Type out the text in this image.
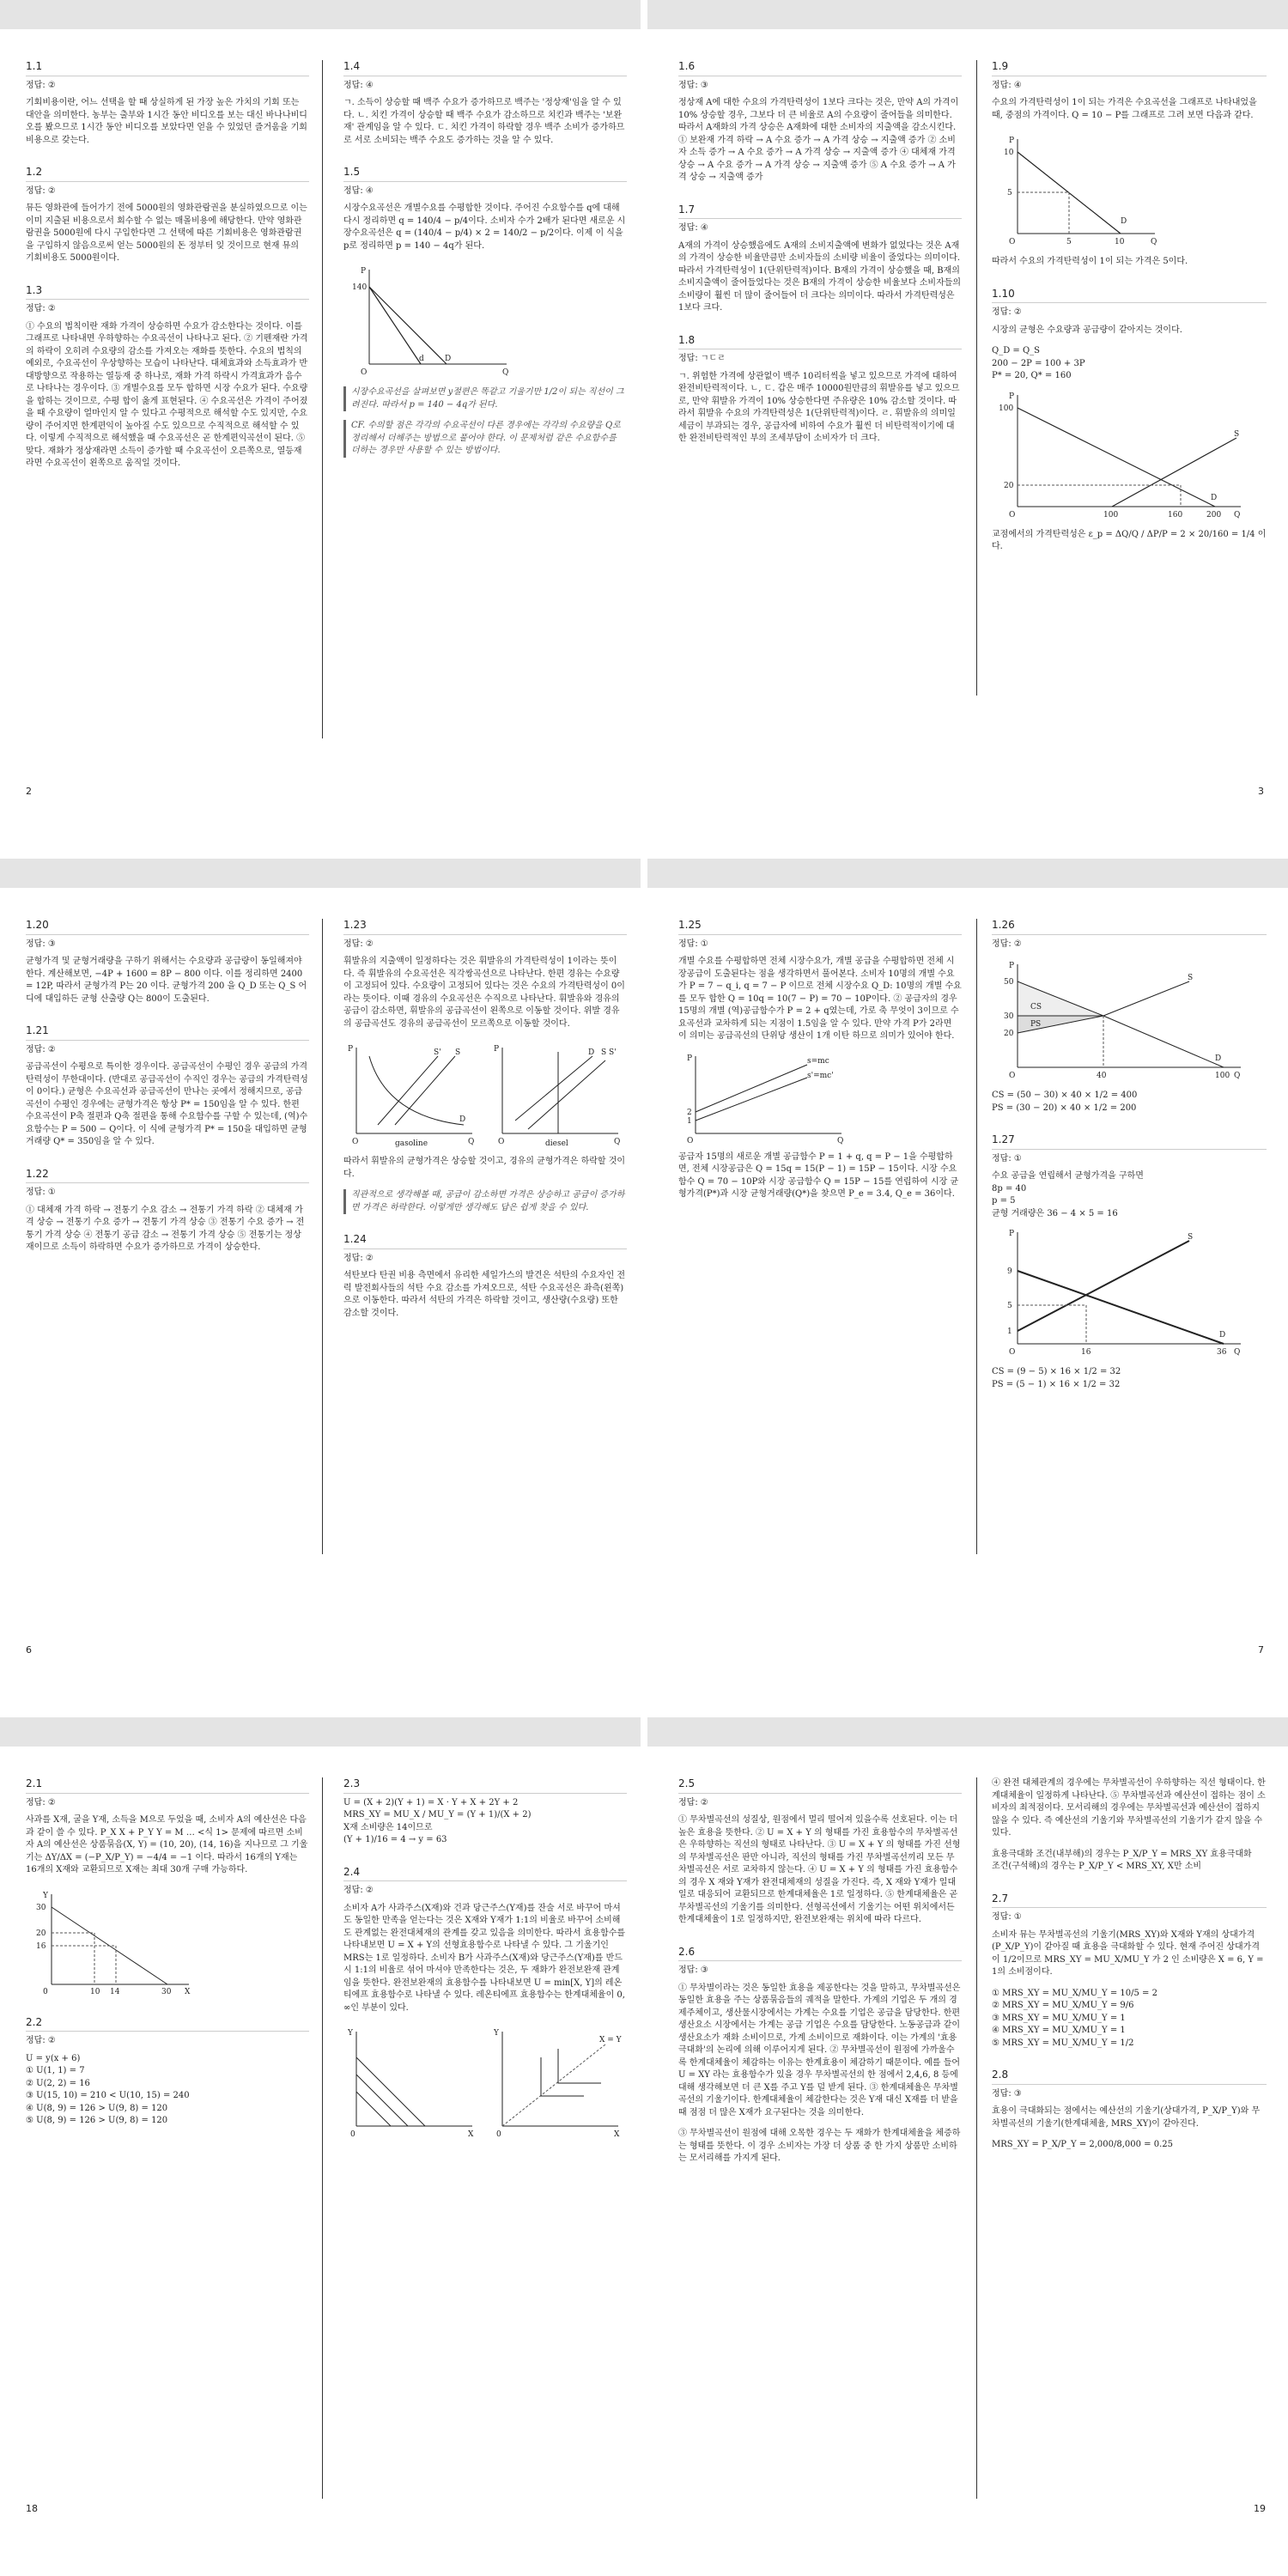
1.1
정답: ②
기회비용이란, 어느 선택을 할 때 상실하게 된 가장 높은 가치의 기회 또는 대안을 의미한다. 농부는 출부와 1시간 동안 비디오를 보는 대신 바나나비디오를 봤으므로 1시간 동안 비디오를 보았다면 얻을 수 있었던 즐거움을 기회비용으로 갖는다.
1.2
정답: ②
뮤든 영화관에 들어가기 전에 5000원의 영화관람권을 분실하였으므로 이는 이미 지출된 비용으로서 회수할 수 없는 매몰비용에 해당한다. 만약 영화관람권을 5000원에 다시 구입한다면 그 선택에 따른 기회비용은 영화관람권을 구입하지 않음으로써 얻는 5000원의 돈 정부터 잊 것이므로 현재 뮤의 기회비용도 5000원이다.
1.3
정답: ②
① 수요의 법칙이란 재화 가격이 상승하면 수요가 감소한다는 것이다. 이를 그래프로 나타내면 우하향하는 수요곡선이 나타나고 된다. ② 기펜재란 가격의 하락이 오히려 수요량의 감소를 가져오는 재화를 뜻한다. 수요의 법칙의 예외로, 수요곡선이 우상향하는 모습이 나타난다. 대체효과와 소득효과가 반대방향으로 작용하는 열등재 중 하나로, 재화 가격 하락시 가격효과가 음수로 나타나는 경우이다. ③ 개별수요를 모두 합하면 시장 수요가 된다. 수요량을 합하는 것이므로, 수평 합이 옳게 표현된다. ④ 수요곡선은 가격이 주어졌을 때 수요량이 얼마인지 알 수 있다고 수평적으로 해석할 수도 있지만, 수요량이 주어지면 한계편익이 높아질 수도 있으므로 수직적으로 해석할 수 있다. 이렇게 수직적으로 해석했을 때 수요곡선은 곧 한계편익곡선이 된다. ⑤ 맞다. 재화가 정상재라면 소득이 증가할 때 수요곡선이 오른쪽으로, 열등재라면 수요곡선이 왼쪽으로 움직일 것이다.
1.4
정답: ④
ㄱ. 소득이 상승할 때 백주 수요가 증가하므로 백주는 '정상재'임을 알 수 있다. ㄴ. 치킨 가격이 상승할 때 백주 수요가 감소하므로 치킨과 백주는 '보완재' 관계임을 알 수 있다. ㄷ. 치킨 가격이 하락할 경우 백주 소비가 증가하므로 서로 소비되는 백주 수요도 증가하는 것을 알 수 있다.
1.5
정답: ④
시장수요곡선은 개별수요를 수평합한 것이다. 주어진 수요함수를 q에 대해 다시 정리하면 q = 140/4 − p/4이다. 소비자 수가 2배가 된다면 새로운 시장수요곡선은 q = (140/4 − p/4) × 2 = 140/2 − p/2이다. 이제 이 식을 p로 정리하면 p = 140 − 4q가 된다.
P
140
O	Q
d	D
시장수요곡선을 살펴보면 y절편은 똑같고 기울기만 1/2이 되는 직선이 그려진다. 따라서 p = 140 − 4q가 된다.
CF. 수의할 점은 각각의 수요곡선이 다른 경우에는 각각의 수요량을 Q로 정리해서 더해주는 방법으로 풀어야 한다. 이 문제처럼 같은 수요함수를 더하는 경우만 사용할 수 있는 방법이다.
1.6
정답: ③
정상재 A에 대한 수요의 가격탄력성이 1보다 크다는 것은, 만약 A의 가격이 10% 상승할 경우, 그보다 더 큰 비율로 A의 수요량이 줄어들을 의미한다. 따라서 A재화의 가격 상승은 A재화에 대한 소비자의 지출액을 감소시킨다. ① 보완재 가격 하락 → A 수요 증가 → A 가격 상승 → 지출액 증가 ② 소비자 소득 증가 → A 수요 증가 → A 가격 상승 → 지출액 증가 ④ 대체재 가격 상승 → A 수요 증가 → A 가격 상승 → 지출액 증가 ⑤ A 수요 증가 → A 가격 상승 → 지출액 증가
1.7
정답: ④
A재의 가격이 상승했음에도 A재의 소비지출액에 변화가 없었다는 것은 A재의 가격이 상승한 비율만큼만 소비자들의 소비량 비율이 줄었다는 의미이다. 따라서 가격탄력성이 1(단위탄력적)이다. B재의 가격이 상승했을 때, B재의 소비지출액이 줄어들었다는 것은 B재의 가격이 상승한 비율보다 소비자들의 소비량이 훨씬 더 많이 줄어들어 더 크다는 의미이다. 따라서 가격탄력성은 1보다 크다.
1.8
정답: ㄱㄷㄹ
ㄱ. 위험한 가격에 상관없이 백주 10리터씩을 넣고 있으므로 가격에 대하여 완전비탄력적이다. ㄴ, ㄷ. 갑은 매주 10000원만큼의 휘발유를 넣고 있으므로, 만약 휘발유 가격이 10% 상승한다면 주유량은 10% 감소할 것이다. 따라서 휘발유 수요의 가격탄력성은 1(단위탄력적)이다. ㄹ. 휘발유의 의미일 세금이 부과되는 경우, 공급자에 비하여 수요가 훨씬 더 비탄력적이기에 대한 완전비탄력적인 부의 조세부담이 소비자가 더 크다.
1.9
정답: ④
수요의 가격탄력성이 1이 되는 가격은 수요곡선을 그래프로 나타내었을 때, 중점의 가격이다. Q = 10 − P를 그래프로 그려 보면 다음과 같다.
P
10
5
O	5	10	Q
D
따라서 수요의 가격탄력성이 1이 되는 가격은 5이다.
1.10
정답: ②
시장의 균형은 수요량과 공급량이 같아지는 것이다.
Q_D = Q_S
200 − 2P = 100 + 3P
P* = 20, Q* = 160
P
100
20
O	100	160	200 Q
S
D
교점에서의 가격탄력성은 ε_p = ΔQ/Q / ΔP/P = 2 × 20/160 = 1/4 이다.
2	3
1.20
정답: ③
균형가격 및 균형거래량을 구하기 위해서는 수요량과 공급량이 동일해져야 한다. 계산해보면, −4P + 1600 = 8P − 800 이다. 이를 정리하면 2400 = 12P, 따라서 균형가격 P는 20 이다. 균형가격 200 을 Q_D 또는 Q_S 어디에 대입하든 균형 산출량 Q는 800이 도출된다.
1.21
정답: ②
공급곡선이 수평으로 특이한 경우이다. 공급곡선이 수평인 경우 공급의 가격탄력성이 무한대이다. (반대로 공급곡선이 수직인 경우는 공급의 가격탄력성이 0이다.) 균형은 수요곡선과 공급곡선이 만나는 곳에서 정해지므로, 공급곡선이 수평인 경우에는 균형가격은 항상 P* = 150임을 알 수 있다. 한편 수요곡선이 P축 절편과 Q축 절편을 통해 수요함수를 구할 수 있는데, (역)수요함수는 P = 500 − Q이다. 이 식에 균형가격 P* = 150을 대입하면 균형거래량 Q* = 350임을 알 수 있다.
1.22
정답: ①
① 대체재 가격 하락 → 전통기 수요 감소 → 전통기 가격 하락 ② 대체재 가격 상승 → 전통기 수요 증가 → 전통기 가격 상승 ③ 전통기 수요 증가 → 전통기 가격 상승 ④ 전통기 공급 감소 → 전통기 가격 상승 ⑤ 전통기는 정상재이므로 소득이 하락하면 수요가 증가하므로 가격이 상승한다.
1.23
정답: ②
휘발유의 지출액이 일정하다는 것은 휘발유의 가격탄력성이 1이라는 뜻이다. 즉 휘발유의 수요곡선은 직각쌍곡선으로 나타난다. 한편 경유는 수요량이 고정되어 있다. 수요량이 고정되어 있다는 것은 수요의 가격탄력성이 0이라는 뜻이다. 이때 경유의 수요곡선은 수직으로 나타난다. 휘발유와 경유의 공급이 감소하면, 휘발유의 공급곡선이 왼쪽으로 이동할 것이다. 위발 경유의 공급곡선도 경유의 공급곡선이 모르쪽으로 이동할 것이다.
P
O	Q
S' S
D
gasoline
P
O	Q
D S S'
diesel
따라서 휘발유의 균형가격은 상승할 것이고, 경유의 균형가격은 하락할 것이다.
직관적으로 생각해볼 때, 공급이 감소하면 가격은 상승하고 공급이 증가하면 가격은 하락한다. 이렇게만 생각해도 답은 쉽게 찾을 수 있다.
1.24
정답: ②
석탄보다 탄권 비용 측면에서 유리한 세일가스의 발견은 석탄의 수요자인 전력 발전회사들의 석탄 수요 감소를 가져오므로, 석탄 수요곡선은 좌측(왼쪽)으로 이동한다. 따라서 석탄의 가격은 하락할 것이고, 생산량(수요량) 또한 감소할 것이다.
1.25
정답: ①
개별 수요를 수평합하면 전체 시장수요가, 개별 공급을 수평합하면 전체 시장공급이 도출된다는 점을 생각하면서 풀어본다. 소비자 10명의 개별 수요가 P = 7 − q_i, q = 7 − P 이므로 전체 시장수요 Q_D: 10명의 개별 수요를 모두 합한 Q = 10q = 10(7 − P) = 70 − 10P이다. ② 공급자의 경우 15명의 개별 (역)공급함수가 P = 2 + q였는데, 가로 축 무엇이 3이므로 수요곡선과 교차하게 되는 지점이 1.5임을 알 수 있다. 만약 가격 P가 2라면 이 의미는 공급곡선의 단위당 생산이 1개 이탄 하므로 의미가 있어야 한다.
P
2
1
O	Q
s=mc
s'=mc'
공급자 15명의 새로운 개별 공급함수 P = 1 + q, q = P − 1을 수평합하면, 전체 시장공급은 Q = 15q = 15(P − 1) = 15P − 15이다. 시장 수요함수 Q = 70 − 10P와 시장 공급함수 Q = 15P − 15를 연립하여 시장 균형가격(P*)과 시장 균형거래량(Q*)을 찾으면 P_e = 3.4, Q_e = 36이다.
1.26
정답: ②
P
50
30
20
O	40	100 Q
CS
PS
S
D
CS = (50 − 30) × 40 × 1/2 = 400
PS = (30 − 20) × 40 × 1/2 = 200
1.27
정답: ①
수요 공급을 연립해서 균형가격을 구하면
8p = 40
p = 5
균형 거래량은 36 − 4 × 5 = 16
P
9
5
1
O	16	36 Q
S
D
CS = (9 − 5) × 16 × 1/2 = 32
PS = (5 − 1) × 16 × 1/2 = 32
6	7
2.1
정답: ②
사과를 X재, 굴을 Y재, 소득을 M으로 두었을 때, 소비자 A의 예산선은 다음과 같이 쓸 수 있다. P_X X + P_Y Y = M … <식 1> 문제에 따르면 소비자 A의 예산선은 상품묶음(X, Y) = (10, 20), (14, 16)을 지나므로 그 기울기는 ΔY/ΔX = (−P_X/P_Y) = −4/4 = −1 이다. 따라서 16개의 Y재는 16개의 X재와 교환되므로 X재는 최대 30개 구매 가능하다.
Y
30
20
16
0	10 14	30 X
2.2
정답: ②
U = y(x + 6)
① U(1, 1) = 7
② U(2, 2) = 16
③ U(15, 10) = 210 < U(10, 15) = 240
④ U(8, 9) = 126 > U(9, 8) = 120
⑤ U(8, 9) = 126 > U(9, 8) = 120
2.3
U = (X + 2)(Y + 1) = X · Y + X + 2Y + 2
MRS_XY = MU_X / MU_Y = (Y + 1)/(X + 2)
X재 소비량은 14이므로
(Y + 1)/16 = 4 → y = 63
2.4
정답: ②
소비자 A가 사과주스(X재)와 건과 당근주스(Y재)를 잔술 서로 바꾸어 마셔도 동일한 만족을 얻는다는 것은 X재와 Y재가 1:1의 비율로 바꾸어 소비해도 관계없는 완전대체재의 관계를 갖고 있음을 의미한다. 따라서 효용함수를 나타내보면 U = X + Y의 선형효용함수로 나타낼 수 있다. 그 기울기인 MRS는 1로 일정하다. 소비자 B가 사과주스(X재)와 당근주스(Y재)를 반드시 1:1의 비율로 섞어 마셔야 만족한다는 것은, 두 재화가 완전보완재 관계임을 뜻한다. 완전보완재의 효용함수를 나타내보면 U = min[X, Y]의 레온티에프 효용함수로 나타낼 수 있다. 레온티에프 효용함수는 한계대체율이 0, ∞인 부분이 있다.
Y
0	X
Y
0	X
X = Y
2.5
정답: ②
① 무차별곡선의 성질상, 원점에서 멀리 떨어져 있을수록 선호된다. 이는 더 높은 효용을 뜻한다. ② U = X + Y 의 형태를 가진 효용함수의 무차별곡선은 우하향하는 직선의 형태로 나타난다. ③ U = X + Y 의 형태를 가진 선형의 무차별곡선은 판만 아니라, 직선의 형태를 가진 무차별곡선끼리 모든 무차별곡선은 서로 교차하지 않는다. ④ U = X + Y 의 형태를 가진 효용함수의 경우 X 재와 Y재가 완전대체재의 성질을 가진다. 즉, X 재와 Y재가 일대일로 대응되어 교환되므로 한계대체율은 1로 일정하다. ⑤ 한계대체율은 곧 무차별곡선의 기울기를 의미한다. 선형곡선에서 기울기는 어떤 위치에서든 한계대체율이 1로 일정하지만, 완전보완재는 위치에 따라 다르다.
2.6
정답: ③
① 무차별이라는 것은 동일한 효용을 제공한다는 것을 말하고, 무차별곡선은 동일한 효용을 주는 상품묶음들의 궤적을 말한다. 가계의 기업은 두 개의 경제주체이고, 생산물시장에서는 가계는 수요를 기업은 공급을 담당한다. 한편 생산요소 시장에서는 가계는 공급 기업은 수요를 담당한다. 노동공급과 같이 생산요소가 재화 소비이므로, 가계 소비이므로 재화이다. 이는 가계의 '효용극대화'의 논리에 의해 이루어지게 된다. ② 무차별곡선이 원점에 가까울수록 한계대체율이 체감하는 이유는 한계효용이 체감하기 때문이다. 예를 들어 U = XY 라는 효용함수가 있을 경우 무차별곡선의 한 점에서 2,4,6, 8 등에 대해 생각해보면 더 큰 X를 주고 Y를 덜 받게 된다. ③ 한계대체율은 무차별곡선의 기울기이다. 한계대체율이 체감한다는 것은 Y재 대신 X재를 더 받을 때 점점 더 많은 X재가 요구된다는 것을 의미한다.
③ 무차별곡선이 원점에 대해 오목한 경우는 두 재화가 한계대체율을 체증하는 형태를 뜻한다. 이 경우 소비자는 가장 더 상품 중 한 가지 상품만 소비하는 모서리해를 가지게 된다.
④ 완전 대체관계의 경우에는 무차별곡선이 우하향하는 직선 형태이다. 한계대체율이 일정하게 나타난다. ⑤ 무차별곡선과 예산선이 접하는 점이 소비자의 최적점이다. 모서리해의 경우에는 무차별곡선과 예산선이 접하지 않을 수 있다. 즉 예산선의 기울기와 무차별곡선의 기울기가 같지 않을 수 있다.
효용극대화 조건(내부해)의 경우는 P_X/P_Y = MRS_XY 효용극대화
조건(구석해)의 경우는 P_X/P_Y < MRS_XY, X만 소비
2.7
정답: ①
소비자 뮤는 무차별곡선의 기울기(MRS_XY)와 X재와 Y재의 상대가격(P_X/P_Y)이 같아질 때 효용을 극대화할 수 있다. 현재 주어진 상대가격이 1/2이므로 MRS_XY = MU_X/MU_Y 가 2 인 소비량은 X = 6, Y = 1의 소비점이다.
① MRS_XY = MU_X/MU_Y = 10/5 = 2
② MRS_XY = MU_X/MU_Y = 9/6
③ MRS_XY = MU_X/MU_Y = 1
④ MRS_XY = MU_X/MU_Y = 1
⑤ MRS_XY = MU_X/MU_Y = 1/2
2.8
정답: ③
효용이 극대화되는 점에서는 예산선의 기울기(상대가격, P_X/P_Y)와 무차별곡선의 기울기(한계대체율, MRS_XY)이 같아진다.
MRS_XY = P_X/P_Y = 2,000/8,000 = 0.25
18	19
